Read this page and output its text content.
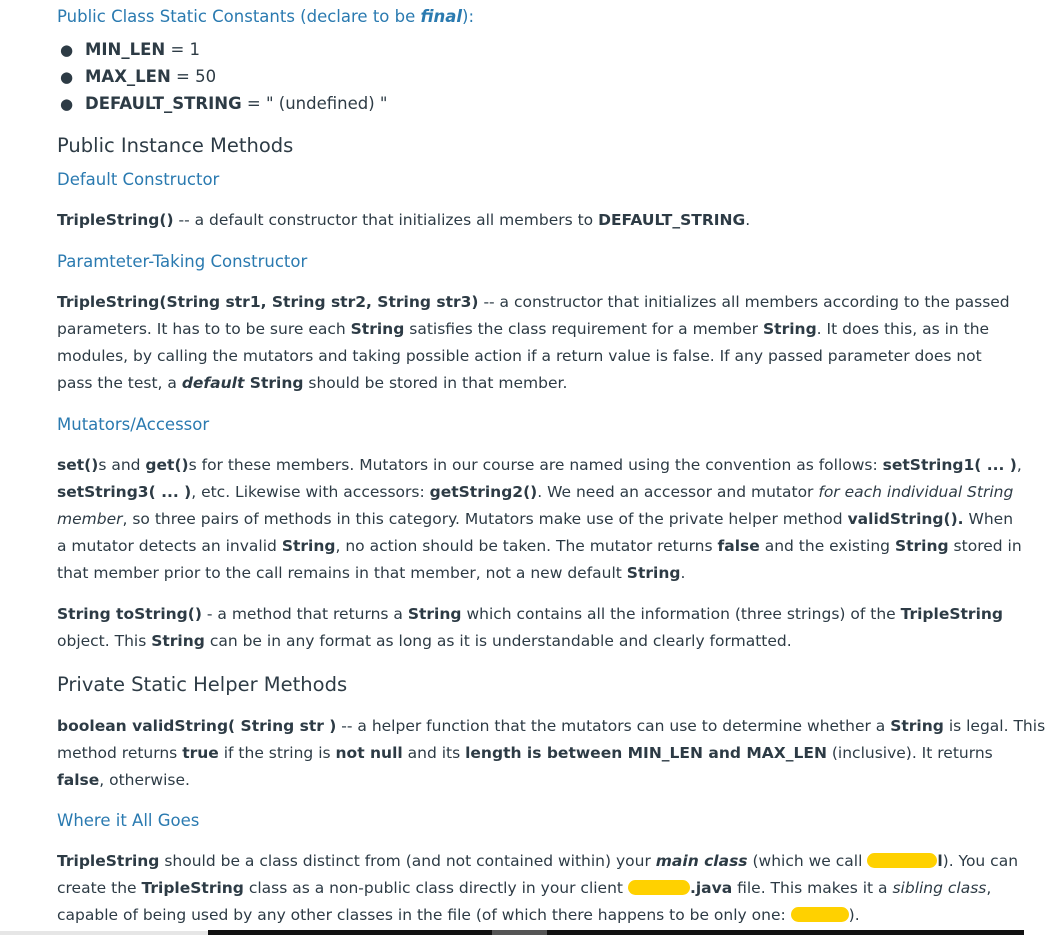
Public Class Static Constants (declare to be final):
● MIN_LEN = 1
● MAX_LEN = 50
● DEFAULT_STRING = " (undefined) "
Public Instance Methods
Default Constructor
TripleString() -- a default constructor that initializes all members to DEFAULT_STRING.
Paramteter-Taking Constructor
TripleString(String str1, String str2, String str3) -- a constructor that initializes all members according to the passed
parameters. It has to to be sure each String satisfies the class requirement for a member String. It does this, as in the
modules, by calling the mutators and taking possible action if a return value is false. If any passed parameter does not
pass the test, a default String should be stored in that member.
Mutators/Accessor
set()s and get()s for these members. Mutators in our course are named using the convention as follows: setString1( ... ),
setString3( ... ), etc. Likewise with accessors: getString2(). We need an accessor and mutator for each individual String
member, so three pairs of methods in this category. Mutators make use of the private helper method validString(). When
a mutator detects an invalid String, no action should be taken. The mutator returns false and the existing String stored in
that member prior to the call remains in that member, not a new default String.
String toString() - a method that returns a String which contains all the information (three strings) of the TripleString
object. This String can be in any format as long as it is understandable and clearly formatted.
Private Static Helper Methods
boolean validString( String str ) -- a helper function that the mutators can use to determine whether a String is legal. This
method returns true if the string is not null and its length is between MIN_LEN and MAX_LEN (inclusive). It returns
false, otherwise.
Where it All Goes
TripleString should be a class distinct from (and not contained within) your main class (which we call	l). You can
create the TripleString class as a non-public class directly in your client	.java file. This makes it a sibling class,
capable of being used by any other classes in the file (of which there happens to be only one:	).
